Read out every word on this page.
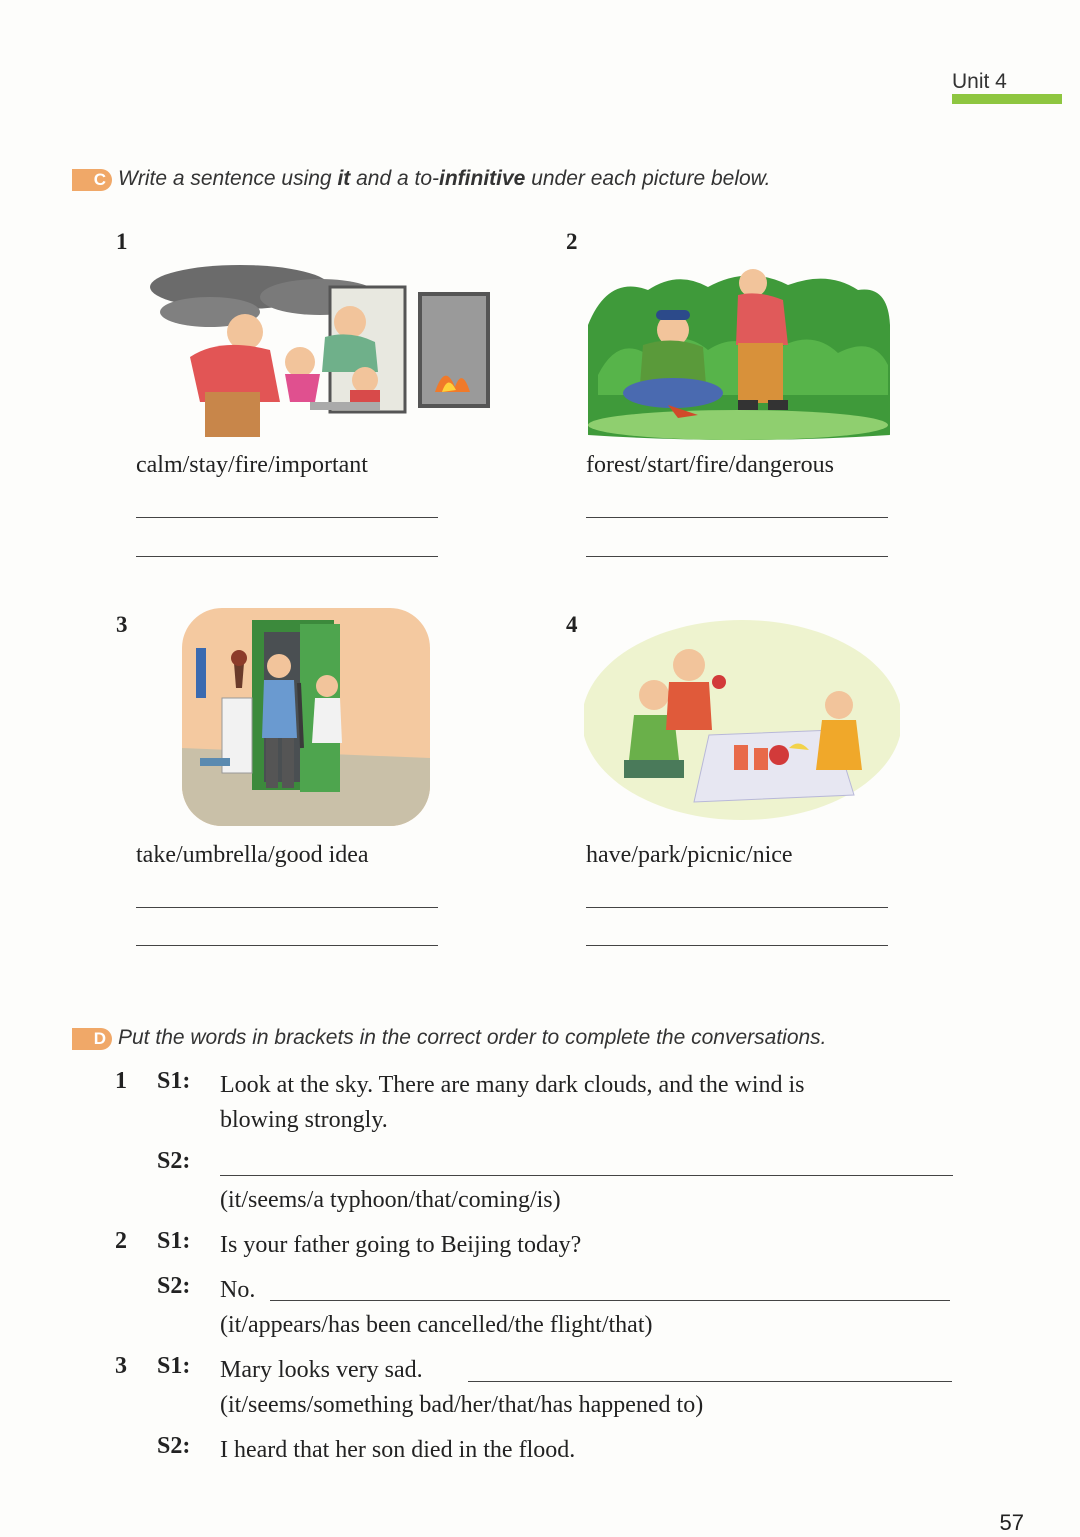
Unit 4
C Write a sentence using it and a to-infinitive under each picture below.
1
calm/stay/fire/important
2
forest/start/fire/dangerous
3
take/umbrella/good idea
4
have/park/picnic/nice
D Put the words in brackets in the correct order to complete the conversations.
1 S1: Look at the sky. There are many dark clouds, and the wind is
blowing strongly.
S2:
(it/seems/a typhoon/that/coming/is)
2 S1: Is your father going to Beijing today?
S2: No.
(it/appears/has been cancelled/the flight/that)
3 S1: Mary looks very sad.
(it/seems/something bad/her/that/has happened to)
S2: I heard that her son died in the flood.
57
